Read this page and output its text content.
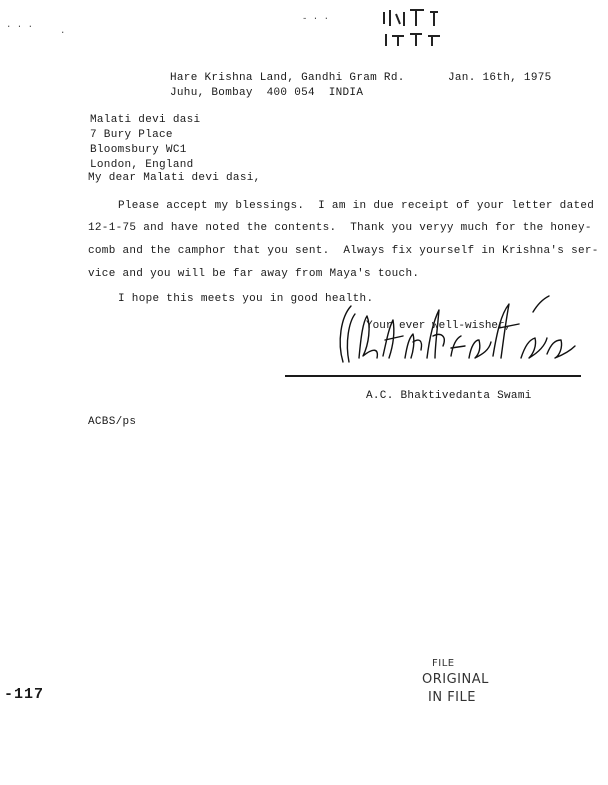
· · ·
·
- · ·
Hare Krishna Land, Gandhi Gram Rd.
Juhu, Bombay  400 054  INDIA
Jan. 16th, 1975
Malati devi dasi
7 Bury Place
Bloomsbury WC1
London, England
My dear Malati devi dasi,
Please accept my blessings.  I am in due receipt of your letter dated
12-1-75 and have noted the contents.  Thank you veryy much for the honey-
comb and the camphor that you sent.  Always fix yourself in Krishna's ser-
vice and you will be far away from Maya's touch.
I hope this meets you in good health.
Your ever well-wisher,
A.C. Bhaktivedanta Swami
ACBS/ps
-117
FILE
ORIGINAL
IN FILE
